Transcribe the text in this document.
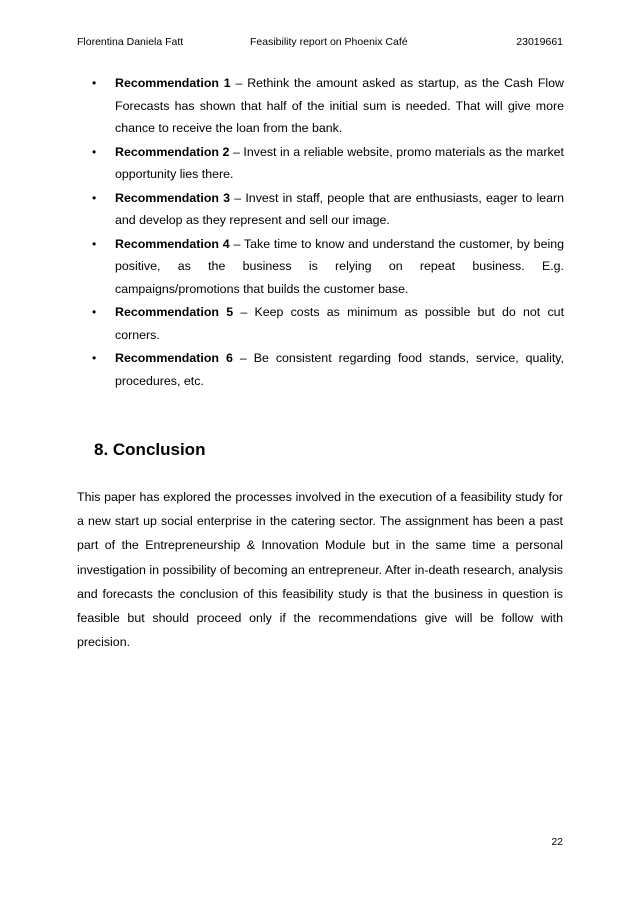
Florentina Daniela Fatt	Feasibility report on Phoenix Café	23019661
•	Recommendation 1 – Rethink the amount asked as startup, as the Cash Flow Forecasts has shown that half of the initial sum is needed. That will give more chance to receive the loan from the bank.
•	Recommendation 2 – Invest in a reliable website, promo materials as the market opportunity lies there.
•	Recommendation 3 – Invest in staff, people that are enthusiasts, eager to learn and develop as they represent and sell our image.
•	Recommendation 4 – Take time to know and understand the customer, by being positive, as the business is relying on repeat business. E.g. campaigns/promotions that builds the customer base.
•	Recommendation 5 – Keep costs as minimum as possible but do not cut corners.
•	Recommendation 6 – Be consistent regarding food stands, service, quality, procedures, etc.
8. Conclusion

This paper has explored the processes involved in the execution of a feasibility study for a new start up social enterprise in the catering sector. The assignment has been a past part of the Entrepreneurship & Innovation Module but in the same time a personal investigation in possibility of becoming an entrepreneur. After in-death research, analysis and forecasts the conclusion of this feasibility study is that the business in question is feasible but should proceed only if the recommendations give will be follow with precision.

22
